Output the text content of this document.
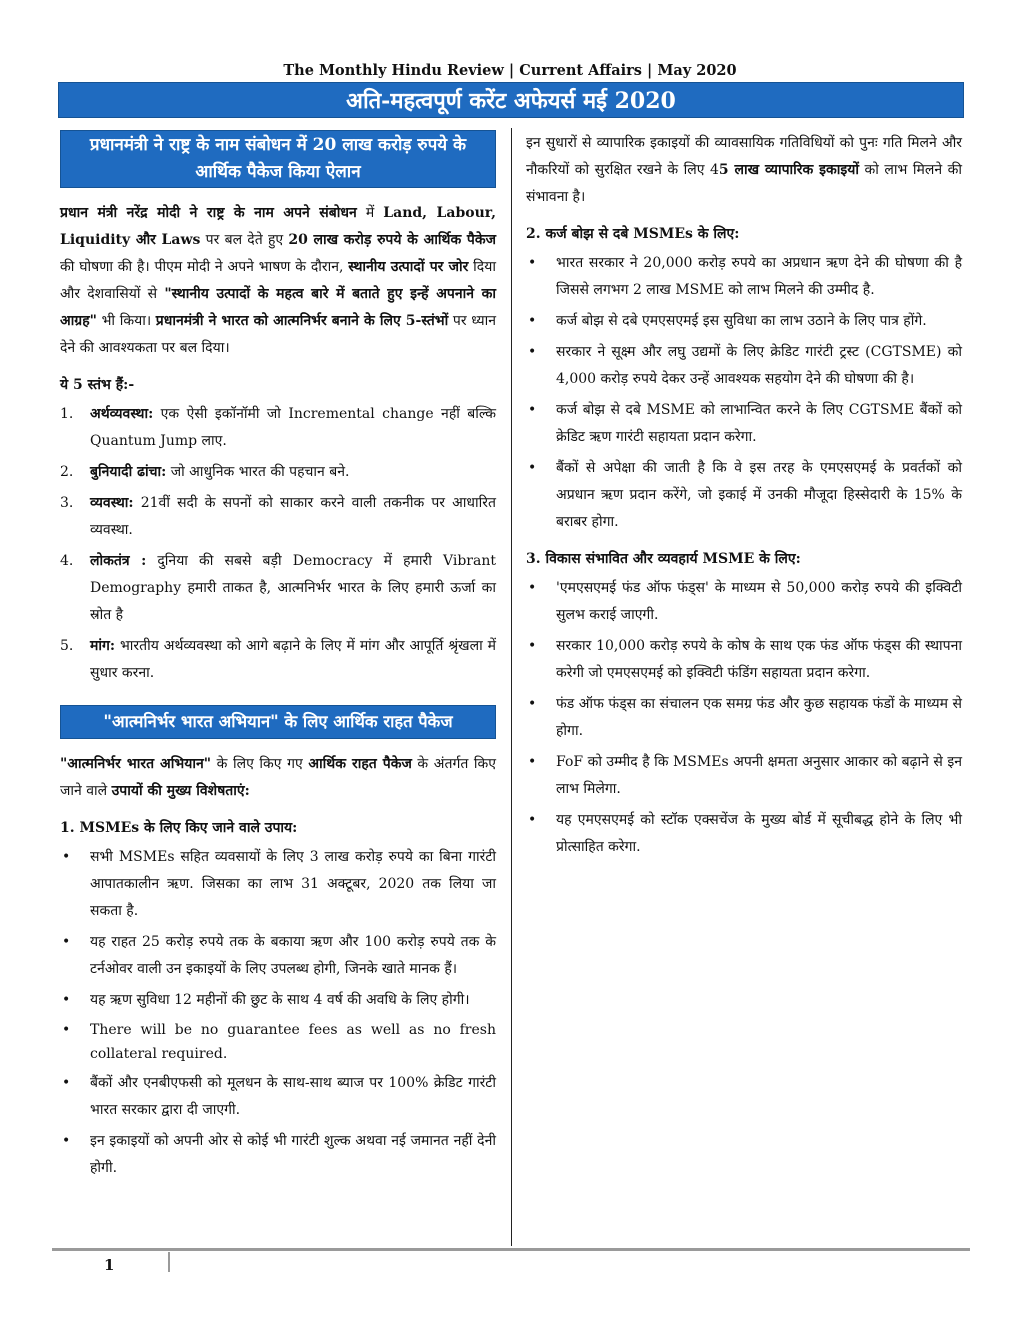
The Monthly Hindu Review | Current Affairs | May 2020
अति-महत्वपूर्ण करेंट अफेयर्स मई 2020
प्रधानमंत्री ने राष्ट्र के नाम संबोधन में 20 लाख करोड़ रुपये के आर्थिक पैकेज किया ऐलान

प्रधान मंत्री नरेंद्र मोदी ने राष्ट्र के नाम अपने संबोधन में Land, Labour, Liquidity और Laws पर बल देते हुए 20 लाख करोड़ रुपये के आर्थिक पैकेज की घोषणा की है। पीएम मोदी ने अपने भाषण के दौरान, स्थानीय उत्पादों पर जोर दिया और देशवासियों से "स्थानीय उत्पादों के महत्व बारे में बताते हुए इन्हें अपनाने का आग्रह" भी किया। प्रधानमंत्री ने भारत को आत्मनिर्भर बनाने के लिए 5-स्तंभों पर ध्यान देने की आवश्यकता पर बल दिया।

ये 5 स्तंभ हैं:-
1. अर्थव्यवस्था: एक ऐसी इकॉनॉमी जो Incremental change नहीं बल्कि Quantum Jump लाए.
2. बुनियादी ढांचा: जो आधुनिक भारत की पहचान बने.
3. व्यवस्था: 21वीं सदी के सपनों को साकार करने वाली तकनीक पर आधारित व्यवस्था.
4. लोकतंत्र : दुनिया की सबसे बड़ी Democracy में हमारी Vibrant Demography हमारी ताकत है, आत्मनिर्भर भारत के लिए हमारी ऊर्जा का स्रोत है
5. मांग: भारतीय अर्थव्यवस्था को आगे बढ़ाने के लिए में मांग और आपूर्ति श्रृंखला में सुधार करना.
"आत्मनिर्भर भारत अभियान" के लिए आर्थिक राहत पैकेज

"आत्मनिर्भर भारत अभियान" के लिए किए गए आर्थिक राहत पैकेज के अंतर्गत किए जाने वाले उपायों की मुख्य विशेषताएं:

1. MSMEs के लिए किए जाने वाले उपाय:
• सभी MSMEs सहित व्यवसायों के लिए 3 लाख करोड़ रुपये का बिना गारंटी आपातकालीन ऋण. जिसका का लाभ 31 अक्टूबर, 2020 तक लिया जा सकता है.
• यह राहत 25 करोड़ रुपये तक के बकाया ऋण और 100 करोड़ रुपये तक के टर्नओवर वाली उन इकाइयों के लिए उपलब्ध होगी, जिनके खाते मानक हैं।
• यह ऋण सुविधा 12 महीनों की छुट के साथ 4 वर्ष की अवधि के लिए होगी।
• There will be no guarantee fees as well as no fresh collateral required.
• बैंकों और एनबीएफसी को मूलधन के साथ-साथ ब्याज पर 100% क्रेडिट गारंटी भारत सरकार द्वारा दी जाएगी.
• इन इकाइयों को अपनी ओर से कोई भी गारंटी शुल्क अथवा नई जमानत नहीं देनी होगी.

इन सुधारों से व्यापारिक इकाइयों की व्यावसायिक गतिविधियों को पुनः गति मिलने और नौकरियों को सुरक्षित रखने के लिए 45 लाख व्यापारिक इकाइयों को लाभ मिलने की संभावना है।

2. कर्ज बोझ से दबे MSMEs के लिए:
• भारत सरकार ने 20,000 करोड़ रुपये का अप्रधान ऋण देने की घोषणा की है जिससे लगभग 2 लाख MSME को लाभ मिलने की उम्मीद है.
• कर्ज बोझ से दबे एमएसएमई इस सुविधा का लाभ उठाने के लिए पात्र होंगे.
• सरकार ने सूक्ष्म और लघु उद्यमों के लिए क्रेडिट गारंटी ट्रस्ट (CGTSME) को 4,000 करोड़ रुपये देकर उन्हें आवश्यक सहयोग देने की घोषणा की है।
• कर्ज बोझ से दबे MSME को लाभान्वित करने के लिए CGTSME बैंकों को क्रेडिट ऋण गारंटी सहायता प्रदान करेगा.
• बैंकों से अपेक्षा की जाती है कि वे इस तरह के एमएसएमई के प्रवर्तकों को अप्रधान ऋण प्रदान करेंगे, जो इकाई में उनकी मौजूदा हिस्सेदारी के 15% के बराबर होगा.
3. विकास संभावित और व्यवहार्य MSME के लिए:
• 'एमएसएमई फंड ऑफ फंड्स' के माध्यम से 50,000 करोड़ रुपये की इक्विटी सुलभ कराई जाएगी.
• सरकार 10,000 करोड़ रुपये के कोष के साथ एक फंड ऑफ फंड्स की स्थापना करेगी जो एमएसएमई को इक्विटी फंडिंग सहायता प्रदान करेगा.
• फंड ऑफ फंड्स का संचालन एक समग्र फंड और कुछ सहायक फंडों के माध्यम से होगा.
• FoF को उम्मीद है कि MSMEs अपनी क्षमता अनुसार आकार को बढ़ाने से इन लाभ मिलेगा.
• यह एमएसएमई को स्टॉक एक्सचेंज के मुख्य बोर्ड में सूचीबद्ध होने के लिए भी प्रोत्साहित करेगा.
1
